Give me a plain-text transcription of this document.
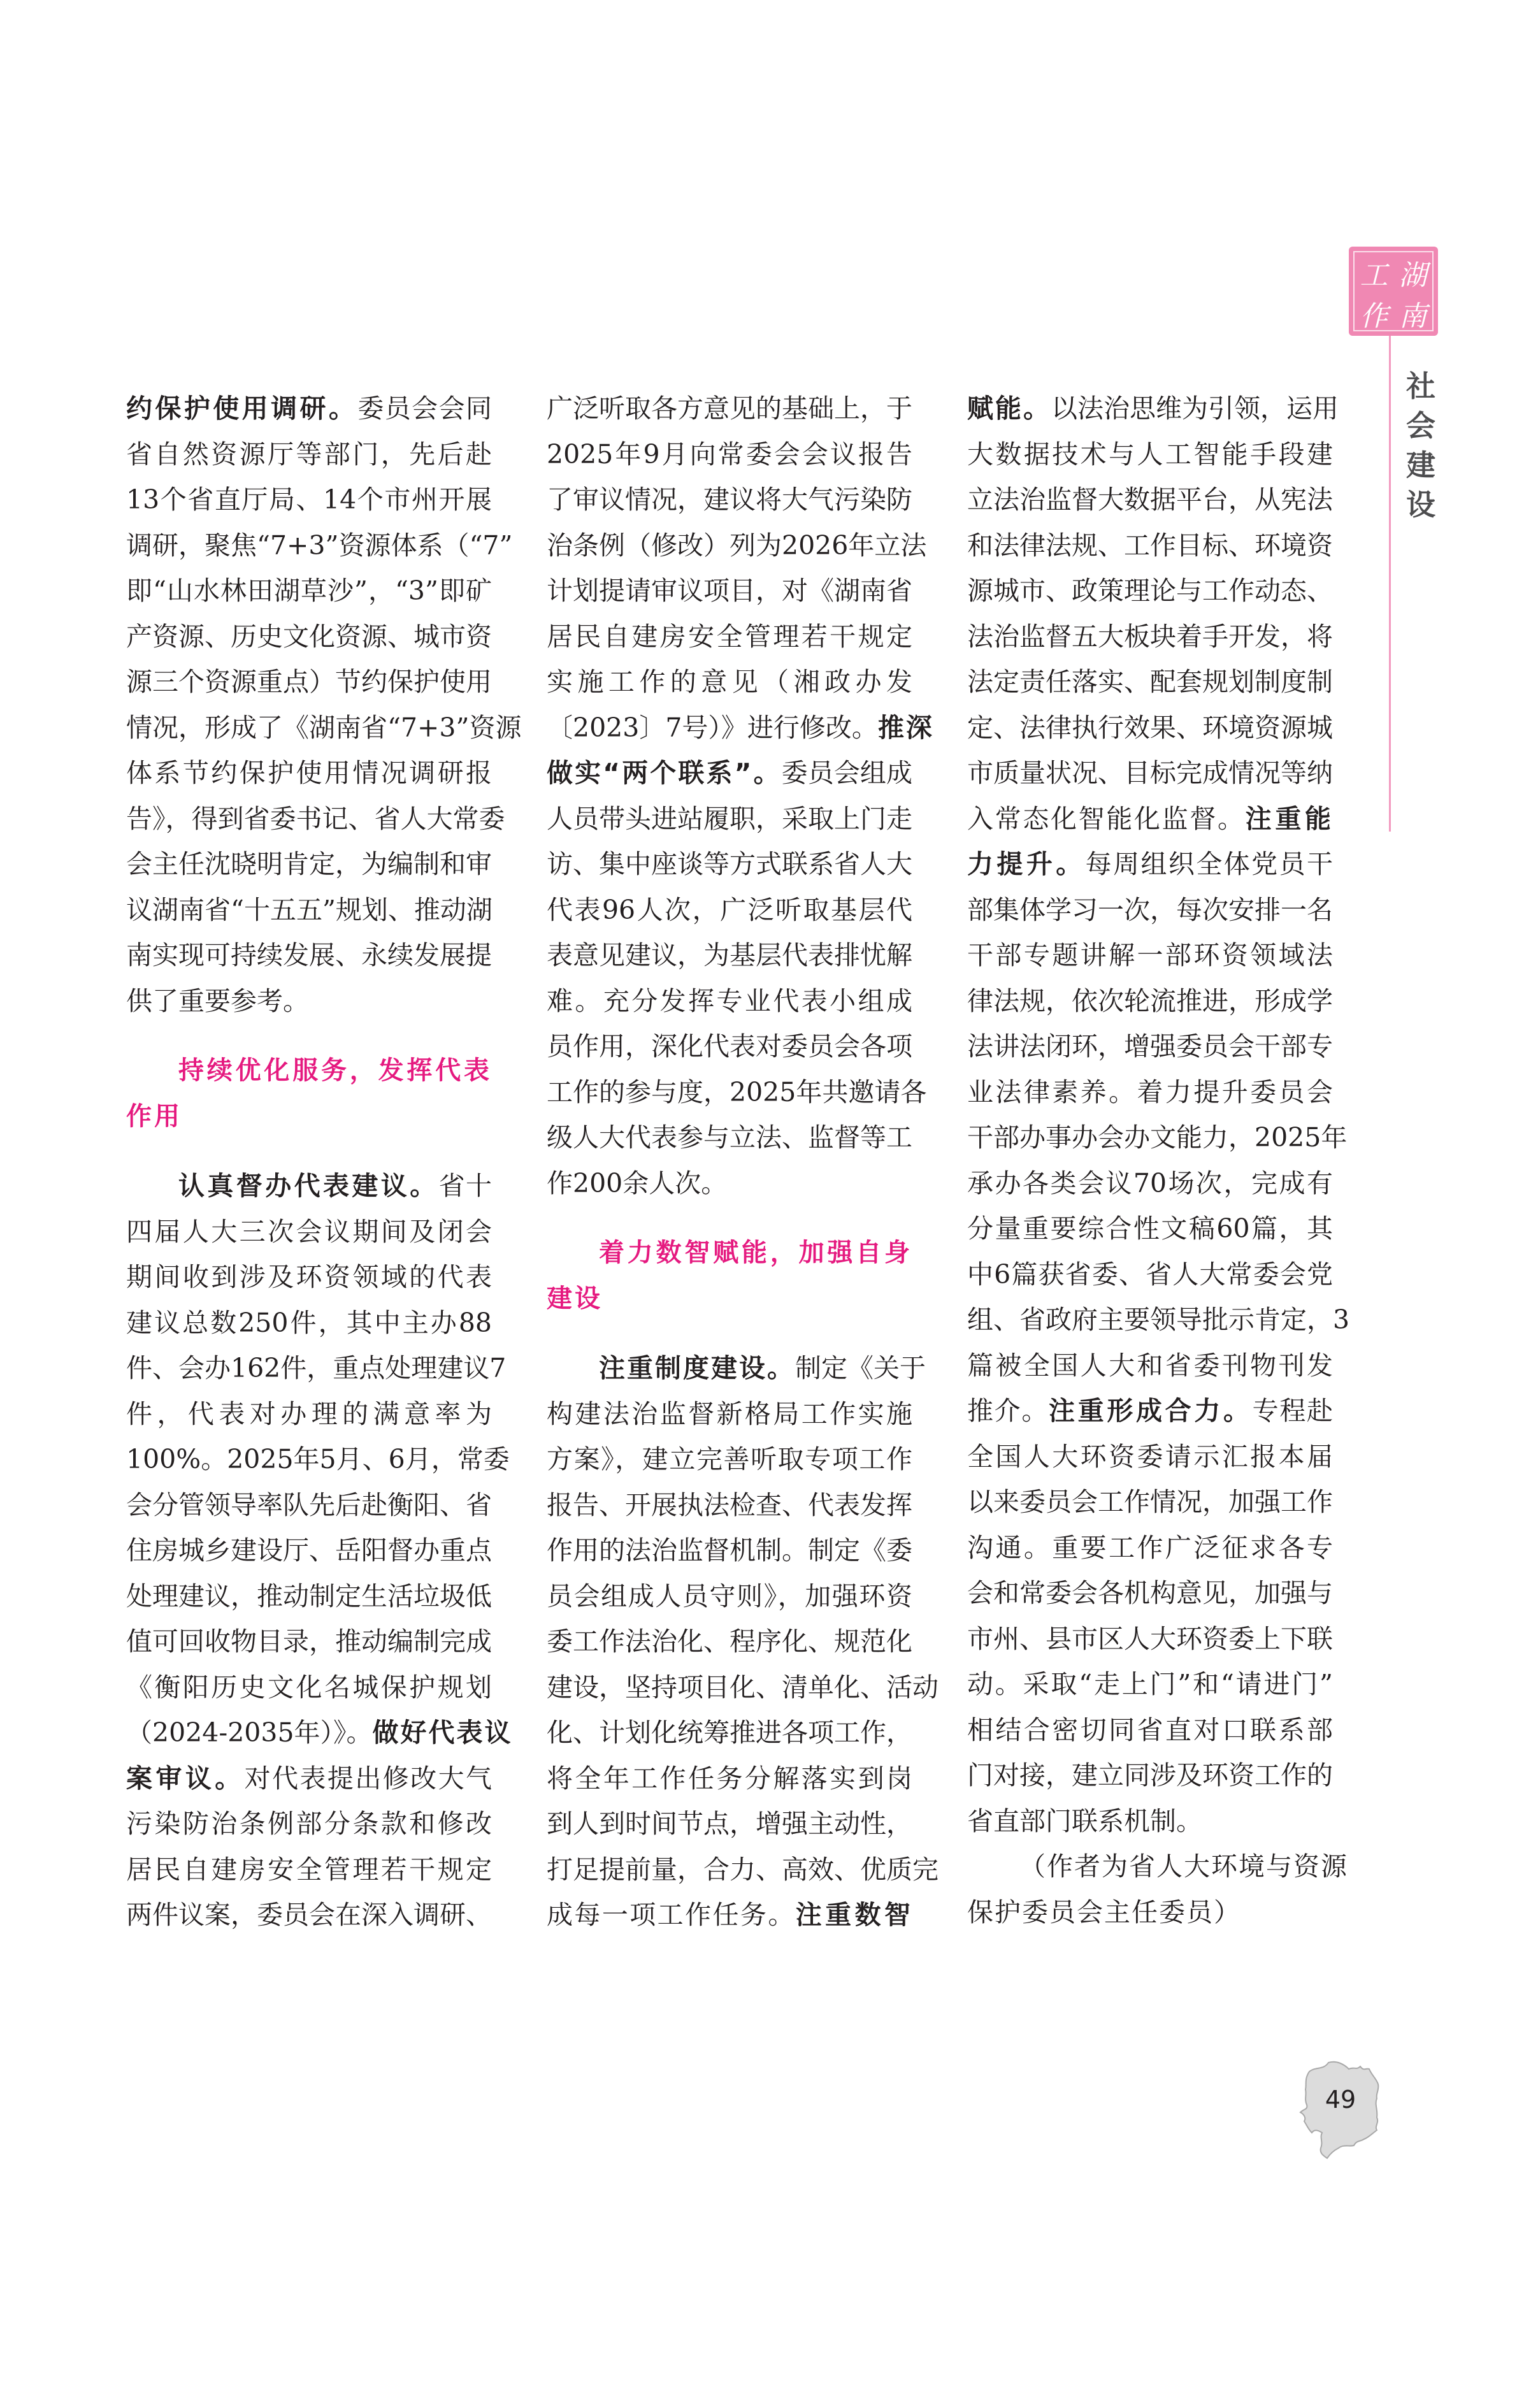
湖
工
南
作
社
会
建
设
约保护使用调研。委员会会同
省自然资源厅等部门，先后赴
13个省直厅局、14个市州开展
调研，聚焦“7+3”资源体系（“7”
即“山水林田湖草沙”，“3”即矿
产资源、历史文化资源、城市资
源三个资源重点）节约保护使用
情况，形成了《湖南省“7+3”资源
体系节约保护使用情况调研报
告》，得到省委书记、省人大常委
会主任沈晓明肯定，为编制和审
议湖南省“十五五”规划、推动湖
南实现可持续发展、永续发展提
供了重要参考。
持续优化服务，发挥代表
作用
认真督办代表建议。省十
四届人大三次会议期间及闭会
期间收到涉及环资领域的代表
建议总数250件，其中主办88
件、会办162件，重点处理建议7
件，代表对办理的满意率为
100%。2025年5月、6月，常委
会分管领导率队先后赴衡阳、省
住房城乡建设厅、岳阳督办重点
处理建议，推动制定生活垃圾低
值可回收物目录，推动编制完成
《衡阳历史文化名城保护规划
（2024-2035年）》。做好代表议
案审议。对代表提出修改大气
污染防治条例部分条款和修改
居民自建房安全管理若干规定
两件议案，委员会在深入调研、
广泛听取各方意见的基础上，于
2025年9月向常委会会议报告
了审议情况，建议将大气污染防
治条例（修改）列为2026年立法
计划提请审议项目，对《湖南省
居民自建房安全管理若干规定
实施工作的意见（湘政办发
〔2023〕7号）》进行修改。推深
做实“两个联系”。委员会组成
人员带头进站履职，采取上门走
访、集中座谈等方式联系省人大
代表96人次，广泛听取基层代
表意见建议，为基层代表排忧解
难。充分发挥专业代表小组成
员作用，深化代表对委员会各项
工作的参与度，2025年共邀请各
级人大代表参与立法、监督等工
作200余人次。
着力数智赋能，加强自身
建设
注重制度建设。制定《关于
构建法治监督新格局工作实施
方案》，建立完善听取专项工作
报告、开展执法检查、代表发挥
作用的法治监督机制。制定《委
员会组成人员守则》，加强环资
委工作法治化、程序化、规范化
建设，坚持项目化、清单化、活动
化、计划化统筹推进各项工作，
将全年工作任务分解落实到岗
到人到时间节点，增强主动性，
打足提前量，合力、高效、优质完
成每一项工作任务。注重数智
赋能。以法治思维为引领，运用
大数据技术与人工智能手段建
立法治监督大数据平台，从宪法
和法律法规、工作目标、环境资
源城市、政策理论与工作动态、
法治监督五大板块着手开发，将
法定责任落实、配套规划制度制
定、法律执行效果、环境资源城
市质量状况、目标完成情况等纳
入常态化智能化监督。注重能
力提升。每周组织全体党员干
部集体学习一次，每次安排一名
干部专题讲解一部环资领域法
律法规，依次轮流推进，形成学
法讲法闭环，增强委员会干部专
业法律素养。着力提升委员会
干部办事办会办文能力，2025年
承办各类会议70场次，完成有
分量重要综合性文稿60篇，其
中6篇获省委、省人大常委会党
组、省政府主要领导批示肯定，3
篇被全国人大和省委刊物刊发
推介。注重形成合力。专程赴
全国人大环资委请示汇报本届
以来委员会工作情况，加强工作
沟通。重要工作广泛征求各专
会和常委会各机构意见，加强与
市州、县市区人大环资委上下联
动。采取“走上门”和“请进门”
相结合密切同省直对口联系部
门对接，建立同涉及环资工作的
省直部门联系机制。
（作者为省人大环境与资源
保护委员会主任委员）
49
